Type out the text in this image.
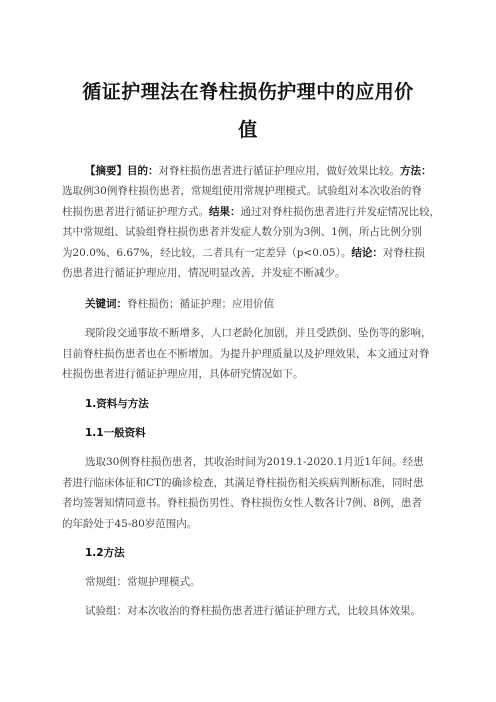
循证护理法在脊柱损伤护理中的应用价
值
【摘要】目的：对脊柱损伤患者进行循证护理应用，做好效果比较。方法：
选取例30例脊柱损伤患者，常规组使用常规护理模式。试验组对本次收治的脊
柱损伤患者进行循证护理方式。结果：通过对脊柱损伤患者进行并发症情况比较，
其中常规组、试验组脊柱损伤患者并发症人数分别为3例、1例，所占比例分别
为20.0%、6.67%，经比较，二者具有一定差异（p<0.05）。结论：对脊柱损
伤患者进行循证护理应用，情况明显改善，并发症不断减少。
关键词：脊柱损伤；循证护理；应用价值
现阶段交通事故不断增多，人口老龄化加剧，并且受跌倒、坠伤等的影响，
目前脊柱损伤患者也在不断增加。为提升护理质量以及护理效果，本文通过对脊
柱损伤患者进行循证护理应用，具体研究情况如下。
1.资料与方法
1.1一般资料
选取30例脊柱损伤患者，其收治时间为2019.1-2020.1月近1年间。经患
者进行临床体征和CT的确诊检查，其满足脊柱损伤相关疾病判断标准，同时患
者均签署知情同意书。脊柱损伤男性、脊柱损伤女性人数各计7例、8例，患者
的年龄处于45-80岁范围内。
1.2方法
常规组：常规护理模式。
试验组：对本次收治的脊柱损伤患者进行循证护理方式，比较具体效果。
